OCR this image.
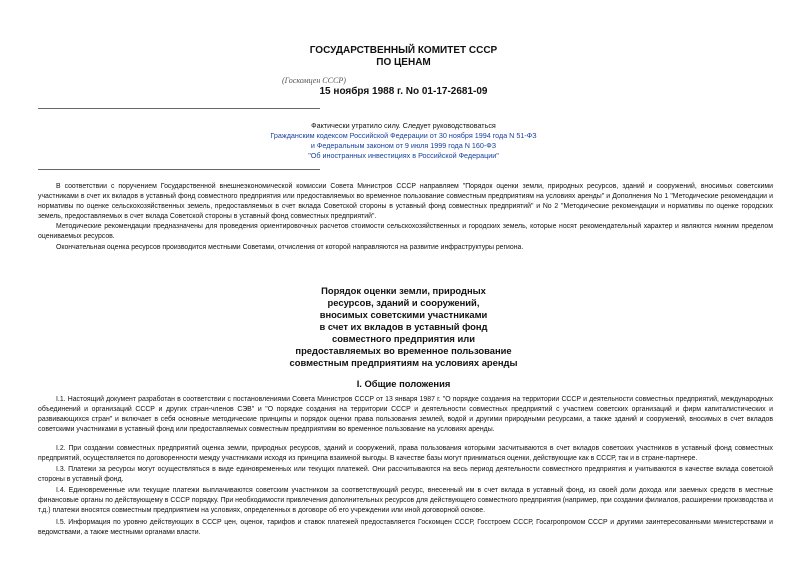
ГОСУДАРСТВЕННЫЙ КОМИТЕТ СССР
ПО ЦЕНАМ
(Госкомцен СССР)
15 ноября 1988 г. No 01-17-2681-09
Фактически утратило силу. Следует руководствоваться
Гражданским кодексом Российской Федерации от 30 ноября 1994 года N 51-ФЗ
и Федеральным законом от 9 июля 1999 года N 160-ФЗ
"Об иностранных инвестициях в Российской Федерации"

В соответствии с поручением Государственной внешнеэкономической комиссии Совета Министров СССР направляем "Порядок оценки земли, природных ресурсов, зданий и сооружений, вносимых советскими участниками в счет их вкладов в уставный фонд совместного предприятия или предоставляемых во временное пользование совместным предприятиям на условиях аренды" и Дополнения No 1 "Методические рекомендации и нормативы по оценке сельскохозяйственных земель, предоставляемых в счет вклада Советской стороны в уставный фонд совместных предприятий" и No 2 "Методические рекомендации и нормативы по оценке городских земель, предоставляемых в счет вклада Советской стороны в уставный фонд совместных предприятий".

Методические рекомендации предназначены для проведения ориентировочных расчетов стоимости сельскохозяйственных и городских земель, которые носят рекомендательный характер и являются нижним пределом оцениваемых ресурсов.

Окончательная оценка ресурсов производится местными Советами, отчисления от которой направляются на развитие инфраструктуры региона.

Порядок оценки земли, природных
ресурсов, зданий и сооружений,
вносимых советскими участниками
в счет их вкладов в уставный фонд
совместного предприятия или
предоставляемых во временное пользование
совместным предприятиям на условиях аренды
I. Общие положения

I.1. Настоящий документ разработан в соответствии с постановлениями Совета Министров СССР от 13 января 1987 г. "О порядке создания на территории СССР и деятельности совместных предприятий, международных объединений и организаций СССР и других стран-членов СЭВ" и "О порядке создания на территории СССР и деятельности совместных предприятий с участием советских организаций и фирм капиталистических и развивающихся стран" и включает в себя основные методические принципы и порядок оценки права пользования землей, водой и другими природными ресурсами, а также зданий и сооружений, вносимых в счет вкладов советскими участниками в уставный фонд или предоставляемых совместным предприятиям во временное пользование на условиях аренды.

I.2. При создании совместных предприятий оценка земли, природных ресурсов, зданий и сооружений, права пользования которыми засчитываются в счет вкладов советских участников в уставный фонд совместных предприятий, осуществляется по договоренности между участниками исходя из принципа взаимной выгоды. В качестве базы могут приниматься оценки, действующие как в СССР, так и в стране-партнере.

I.3. Платежи за ресурсы могут осуществляться в виде единовременных или текущих платежей. Они рассчитываются на весь период деятельности совместного предприятия и учитываются в качестве вклада советской стороны в уставный фонд.

I.4. Единовременные или текущие платежи выплачиваются советским участником за соответствующий ресурс, внесенный им в счет вклада в уставный фонд, из своей доли дохода или заемных средств в местные финансовые органы по действующему в СССР порядку. При необходимости привлечения дополнительных ресурсов для действующего совместного предприятия (например, при создании филиалов, расширении производства и т.д.) платежи вносятся совместным предприятием на условиях, определенных в договоре об его учреждении или иной договорной основе.

I.5. Информация по уровню действующих в СССР цен, оценок, тарифов и ставок платежей предоставляется Госкомцен СССР, Госстроем СССР, Госагропромом СССР и другими заинтересованными министерствами и ведомствами, а также местными органами власти.
